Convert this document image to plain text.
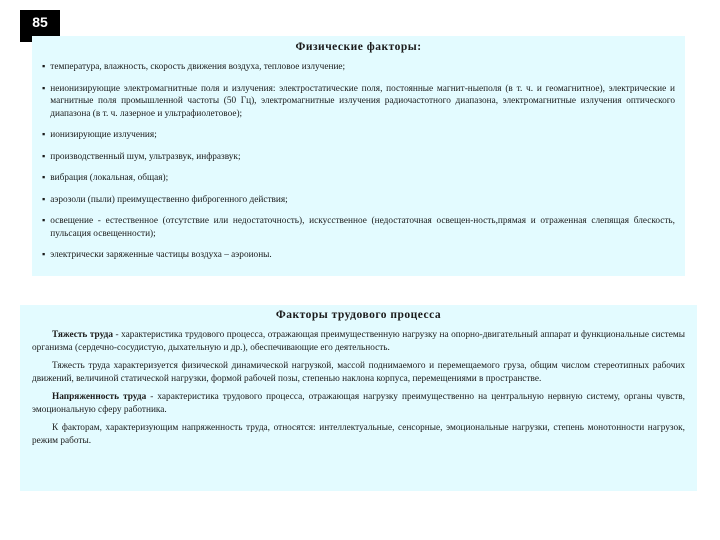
85
Физические факторы:
▪ температура, влажность, скорость движения воздуха, тепловое излучение;
▪ неионизирующие электромагнитные поля и излучения: электростатические поля, постоянные магнит-ныеполя (в т. ч. и геомагнитное), электрические и магнитные поля промышленной частоты (50 Гц), электромагнитные излучения радиочастотного диапазона, электромагнитные излучения оптического диапазона (в т. ч. лазерное и ультрафиолетовое);
▪ ионизирующие излучения;
▪ производственный шум, ультразвук, инфразвук;
▪ вибрация (локальная, общая);
▪ аэрозоли (пыли) преимущественно фиброгенного действия;
▪ освещение - естественное (отсутствие или недостаточность), искусственное (недостаточная освещен-ность,прямая и отраженная слепящая блескость, пульсация освещенности);
▪ электрически заряженные частицы воздуха – аэроионы.
Факторы трудового процесса

Тяжесть труда - характеристика трудового процесса, отражающая преимущественную нагрузку на опорно-двигательный аппарат и функциональные системы организма (сердечно-сосудистую, дыхательную и др.), обеспечивающие его деятельность.

Тяжесть труда характеризуется физической динамической нагрузкой, массой поднимаемого и перемещаемого груза, общим числом стереотипных рабочих движений, величиной статической нагрузки, формой рабочей позы, степенью наклона корпуса, перемещениями в пространстве.

Напряженность труда - характеристика трудового процесса, отражающая нагрузку преимущественно на центральную нервную систему, органы чувств, эмоциональную сферу работника.

К факторам, характеризующим напряженность труда, относятся: интеллектуальные, сенсорные, эмоциональные нагрузки, степень монотонности нагрузок, режим работы.
